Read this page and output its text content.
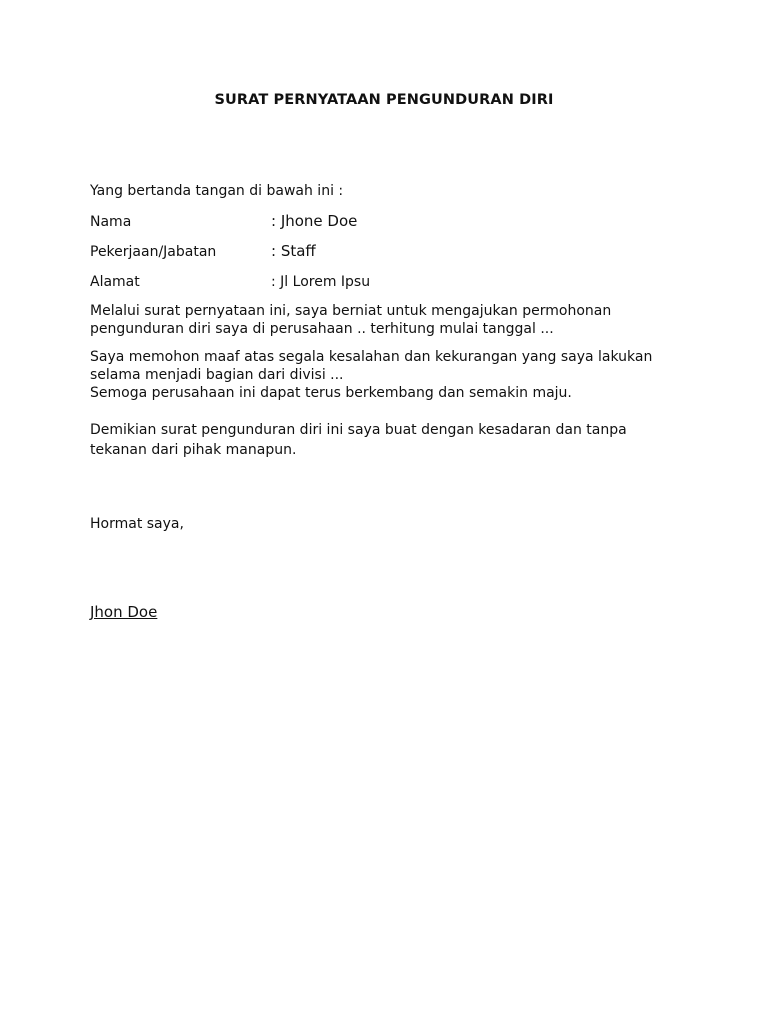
SURAT PERNYATAAN PENGUNDURAN DIRI
Yang bertanda tangan di bawah ini :
Nama	: Jhone Doe
Pekerjaan/Jabatan	: Staff
Alamat	: Jl Lorem Ipsu
Melalui surat pernyataan ini, saya berniat untuk mengajukan permohonan
pengunduran diri saya di perusahaan .. terhitung mulai tanggal ...
Saya memohon maaf atas segala kesalahan dan kekurangan yang saya lakukan
selama menjadi bagian dari divisi ...
Semoga perusahaan ini dapat terus berkembang dan semakin maju.
Demikian surat pengunduran diri ini saya buat dengan kesadaran dan tanpa
tekanan dari pihak manapun.
Hormat saya,
Jhon Doe
